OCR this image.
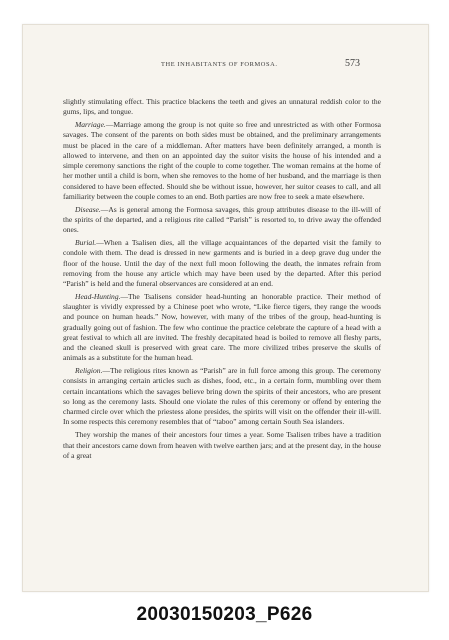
THE INHABITANTS OF FORMOSA.	573

slightly stimulating effect. This practice blackens the teeth and gives an unnatural reddish color to the gums, lips, and tongue.

Marriage.—Marriage among the group is not quite so free and unrestricted as with other Formosa savages. The consent of the parents on both sides must be obtained, and the preliminary arrangements must be placed in the care of a middleman. After matters have been definitely arranged, a month is allowed to intervene, and then on an appointed day the suitor visits the house of his intended and a simple ceremony sanctions the right of the couple to come together. The woman remains at the home of her mother until a child is born, when she removes to the home of her husband, and the marriage is then considered to have been effected. Should she be without issue, however, her suitor ceases to call, and all familiarity between the couple comes to an end. Both parties are now free to seek a mate elsewhere.

Disease.—As is general among the Formosa savages, this group attributes disease to the ill-will of the spirits of the departed, and a religious rite called “Parish” is resorted to, to drive away the offended ones.

Burial.—When a Tsalisen dies, all the village acquaintances of the departed visit the family to condole with them. The dead is dressed in new garments and is buried in a deep grave dug under the floor of the house. Until the day of the next full moon following the death, the inmates refrain from removing from the house any article which may have been used by the departed. After this period “Parish” is held and the funeral observances are considered at an end.

Head-Hunting.—The Tsalisens consider head-hunting an honorable practice. Their method of slaughter is vividly expressed by a Chinese poet who wrote, “Like fierce tigers, they range the woods and pounce on human heads.” Now, however, with many of the tribes of the group, head-hunting is gradually going out of fashion. The few who continue the practice celebrate the capture of a head with a great festival to which all are invited. The freshly decapitated head is boiled to remove all fleshy parts, and the cleaned skull is preserved with great care. The more civilized tribes preserve the skulls of animals as a substitute for the human head.

Religion.—The religious rites known as “Parish” are in full force among this group. The ceremony consists in arranging certain articles such as dishes, food, etc., in a certain form, mumbling over them certain incantations which the savages believe bring down the spirits of their ancestors, who are present so long as the ceremony lasts. Should one violate the rules of this ceremony or offend by entering the charmed circle over which the priestess alone presides, the spirits will visit on the offender their ill-will. In some respects this ceremony resembles that of “taboo” among certain South Sea islanders.

They worship the manes of their ancestors four times a year. Some Tsalisen tribes have a tradition that their ancestors came down from heaven with twelve earthen jars; and at the present day, in the house of a great

20030150203_P626
